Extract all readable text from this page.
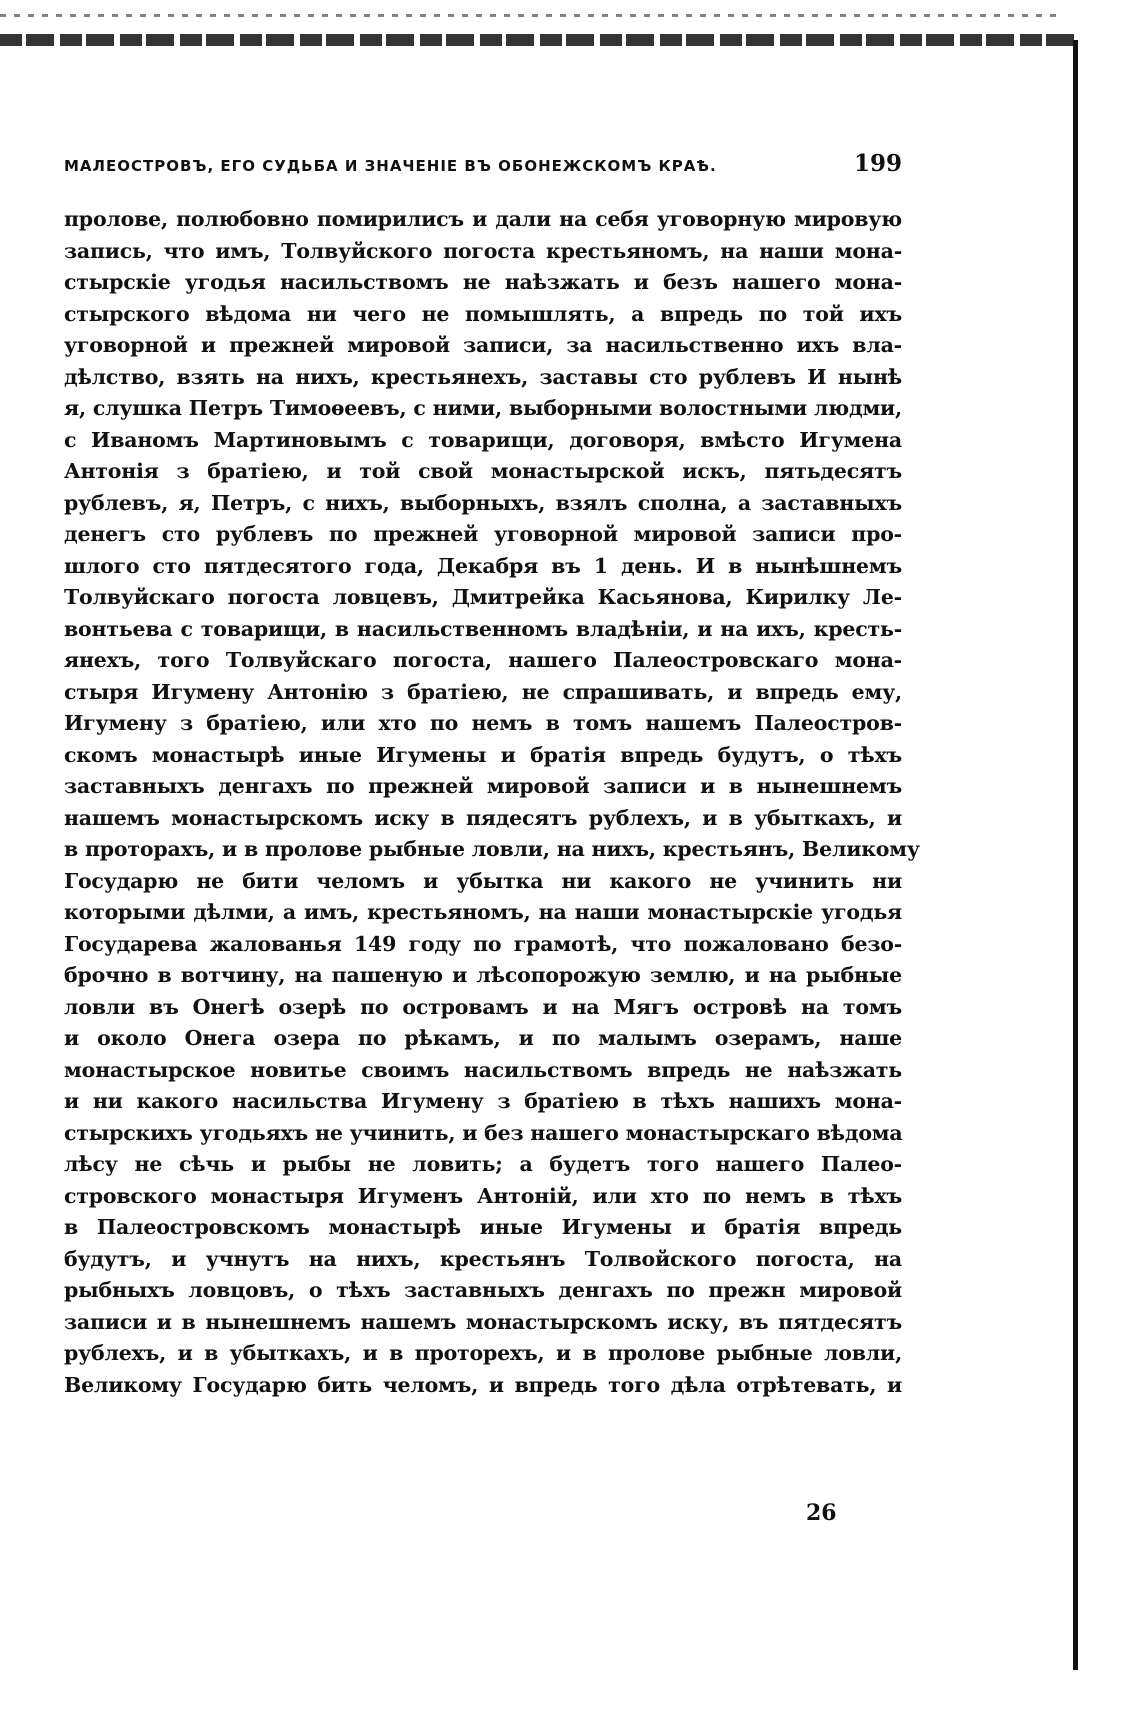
МАЛЕОСТРОВЪ, ЕГО СУДЬБА И ЗНАЧЕНІЕ ВЪ ОБОНЕЖСКОМЪ КРАѢ.	199
пролове, полюбовно помирилисъ и дали на себя уговорную мировую
запись, что имъ, Толвуйского погоста крестьяномъ, на наши мона-
стырскіе угодья насильствомъ не наѣзжать и безъ нашего мона-
стырского вѣдома ни чего не помышлять, а впредь по той ихъ
уговорной и прежней мировой записи, за насильственно ихъ вла-
дѣлство, взять на нихъ, крестьянехъ, заставы сто рублевъ И нынѣ
я, слушка Петръ Тимоѳеевъ, с ними, выборными волостными людми,
с Иваномъ Мартиновымъ с товарищи, договоря, вмѣсто Игумена
Антонія з братіею, и той свой монастырской искъ, пятьдесятъ
рублевъ, я, Петръ, с нихъ, выборныхъ, взялъ сполна, а заставныхъ
денегъ сто рублевъ по прежней уговорной мировой записи про-
шлого сто пятдесятого года, Декабря въ 1 день. И в нынѣшнемъ
Толвуйскаго погоста ловцевъ, Дмитрейка Касьянова, Кирилку Ле-
вонтьева с товарищи, в насильственномъ владѣніи, и на ихъ, кресть-
янехъ, того Толвуйскаго погоста, нашего Палеостровскаго мона-
стыря Игумену Антонію з братіею, не спрашивать, и впредь ему,
Игумену з братіею, или хто по немъ в томъ нашемъ Палеостров-
скомъ монастырѣ иные Игумены и братія впредь будутъ, о тѣхъ
заставныхъ денгахъ по прежней мировой записи и в нынешнемъ
нашемъ монастырскомъ иску в пядесятъ рублехъ, и в убыткахъ, и
в проторахъ, и в пролове рыбные ловли, на нихъ, крестьянъ, Великому
Государю не бити челомъ и убытка ни какого не учинить ни
которыми дѣлми, а имъ, крестьяномъ, на наши монастырскіе угодья
Государева жалованья 149 году по грамотѣ, что пожаловано безо-
брочно в вотчину, на пашеную и лѣсопорожую землю, и на рыбные
ловли въ Онегѣ озерѣ по островамъ и на Мягъ островѣ на томъ
и около Онега озера по рѣкамъ, и по малымъ озерамъ, наше
монастырское новитье своимъ насильствомъ впредь не наѣзжать
и ни какого насильства Игумену з братіею в тѣхъ нашихъ мона-
стырскихъ угодьяхъ не учинить, и без нашего монастырскаго вѣдома
лѣсу не сѣчь и рыбы не ловить; а будетъ того нашего Палео-
стровского монастыря Игуменъ Антоній, или хто по немъ в тѣхъ
в Палеостровскомъ монастырѣ иные Игумены и братія впредь
будутъ, и учнутъ на нихъ, крестьянъ Толвойского погоста, на
рыбныхъ ловцовъ, о тѣхъ заставныхъ денгахъ по прежн мировой
записи и в нынешнемъ нашемъ монастырскомъ иску, въ пятдесятъ
рублехъ, и в убыткахъ, и в проторехъ, и в пролове рыбные ловли,
Великому Государю бить челомъ, и впредь того дѣла отрѣтевать, и
26
